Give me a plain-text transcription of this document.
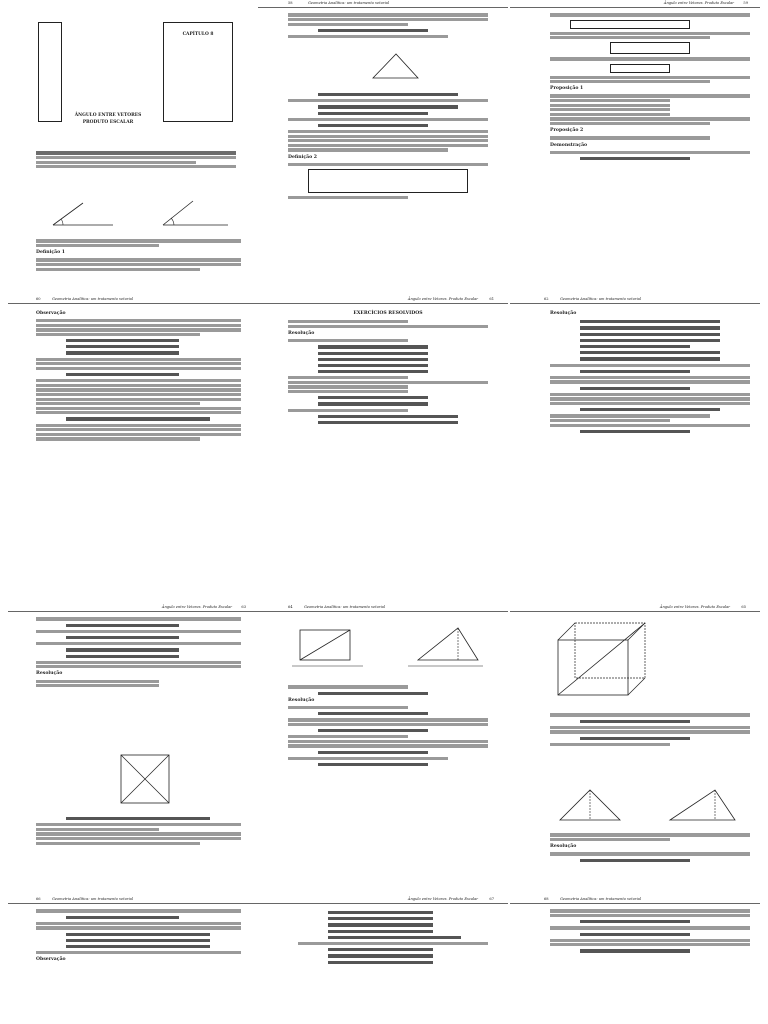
CAPÍTULO 8
ÂNGULO ENTRE VETORES
PRODUTO ESCALAR
Definição 1
58	Geometria Analítica: um tratamento vetorial
Definição 2
Ângulo entre Vetores. Produto Escalar	59
Proposição 1
Proposição 2
Demonstração
60	Geometria Analítica: um tratamento vetorial
Observação
Ângulo entre Vetores. Produto Escalar	61
EXERCÍCIOS RESOLVIDOS
Resolução
62	Geometria Analítica: um tratamento vetorial
Resolução
Ângulo entre Vetores. Produto Escalar	63
Resolução
64	Geometria Analítica: um tratamento vetorial
Resolução
Ângulo entre Vetores. Produto Escalar	65
Resolução
66	Geometria Analítica: um tratamento vetorial
Observação
Ângulo entre Vetores. Produto Escalar	67	68	Geometria Analítica: um tratamento vetorial
